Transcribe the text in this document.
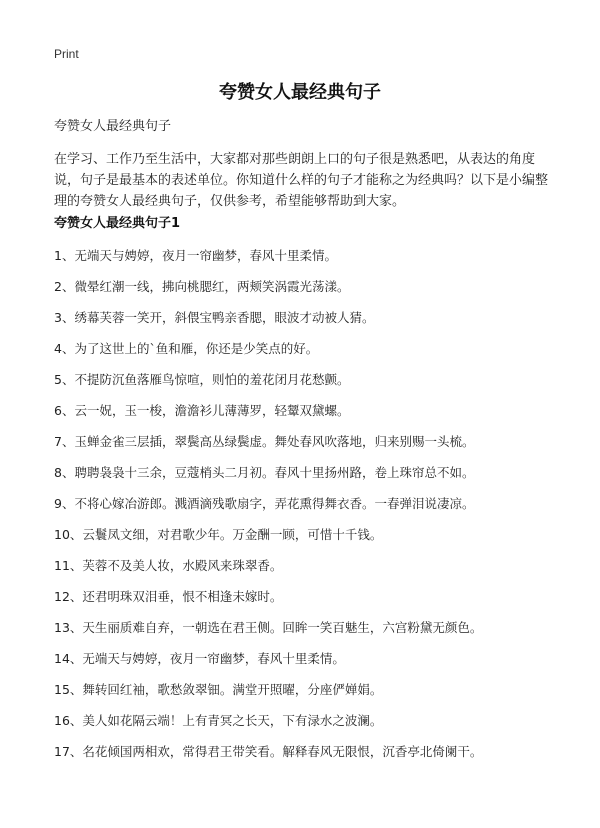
Print
夸赞女人最经典句子
夸赞女人最经典句子
在学习、工作乃至生活中，大家都对那些朗朗上口的句子很是熟悉吧，从表达的角度说，句子是最基本的表述单位。你知道什么样的句子才能称之为经典吗？以下是小编整理的夸赞女人最经典句子，仅供参考，希望能够帮助到大家。
夸赞女人最经典句子1
1、无端天与娉婷，夜月一帘幽梦，春风十里柔情。
2、微晕红潮一线，拂向桃腮红，两颊笑涡霞光荡漾。
3、绣幕芙蓉一笑开，斜偎宝鸭亲香腮，眼波才动被人猜。
4、为了这世上的`鱼和雁，你还是少笑点的好。
5、不提防沉鱼落雁鸟惊喧，则怕的羞花闭月花愁颤。
6、云一㚾，玉一梭，澹澹衫儿薄薄罗，轻颦双黛螺。
7、玉蝉金雀三层插，翠鬓高丛绿鬓虚。舞处春风吹落地，归来别赐一头梳。
8、聘聘袅袅十三余，豆蔻梢头二月初。春风十里扬州路，卷上珠帘总不如。
9、不将心嫁冶游郎。溅酒滴残歌扇字，弄花熏得舞衣香。一春弹泪说凄凉。
10、云鬟凤文细，对君歌少年。万金酬一顾，可惜十千钱。
11、芙蓉不及美人妆，水殿风来珠翠香。
12、还君明珠双泪垂，恨不相逢未嫁时。
13、天生丽质难自弃，一朝选在君王侧。回眸一笑百魅生，六宫粉黛无颜色。
14、无端天与娉婷，夜月一帘幽梦，春风十里柔情。
15、舞转回红袖，歌愁敛翠钿。满堂开照曜，分座俨婵娟。
16、美人如花隔云端！上有青冥之长天，下有渌水之波澜。
17、名花倾国两相欢，常得君王带笑看。解释春风无限恨，沉香亭北倚阑干。
